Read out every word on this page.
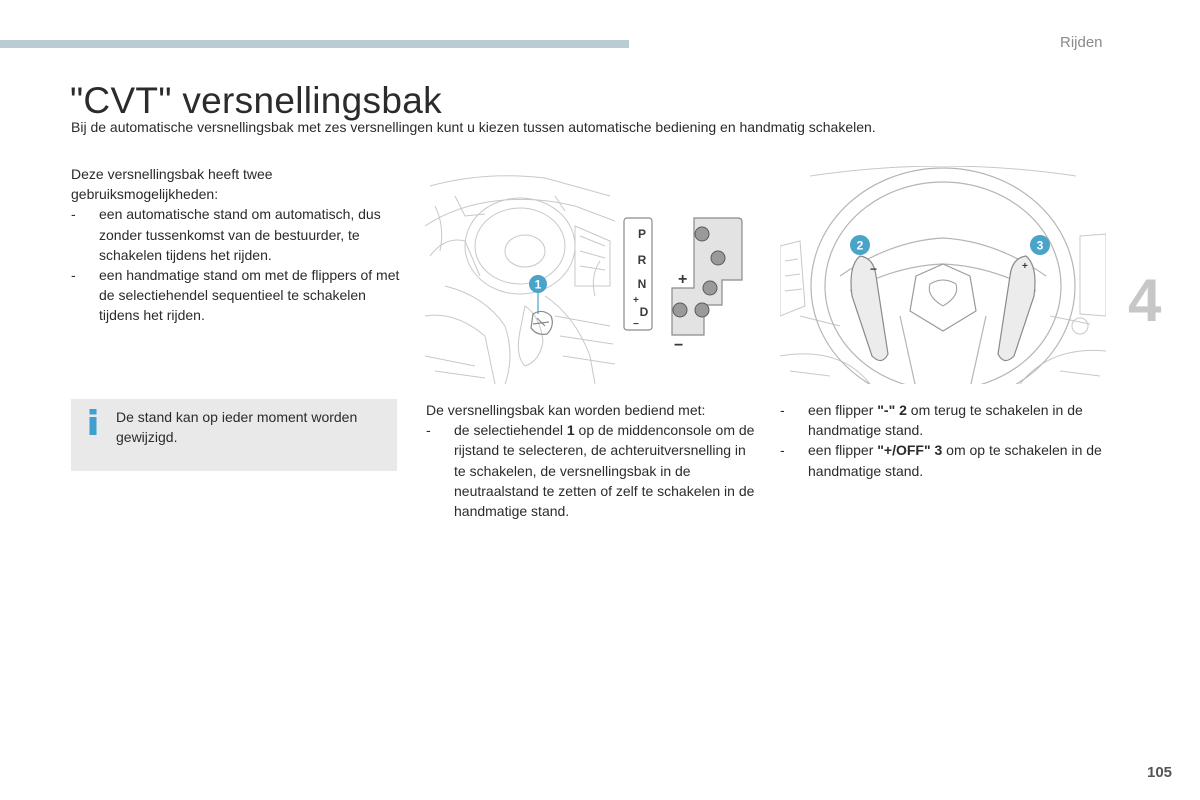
Rijden
"CVT" versnellingsbak

Bij de automatische versnellingsbak met zes versnellingen kunt u kiezen tussen automatische bediening en handmatig schakelen.

Deze versnellingsbak heeft twee gebruiksmogelijkheden:

- een automatische stand om automatisch, dus zonder tussenkomst van de bestuurder, te schakelen tijdens het rijden.
- een handmatige stand om met de flippers of met de selectiehendel sequentieel te schakelen tijdens het rijden.
De stand kan op ieder moment worden gewijzigd.
1
P
R
N
+
D
−
+
−
−	+
2	3

De versnellingsbak kan worden bediend met:

- de selectiehendel 1 op de middenconsole om de rijstand te selecteren, de achteruitversnelling in te schakelen, de versnellingsbak in de neutraalstand te zetten of zelf te schakelen in de handmatige stand.
- een flipper "-" 2 om terug te schakelen in de handmatige stand.
- een flipper "+/OFF" 3 om op te schakelen in de handmatige stand.
4
105
